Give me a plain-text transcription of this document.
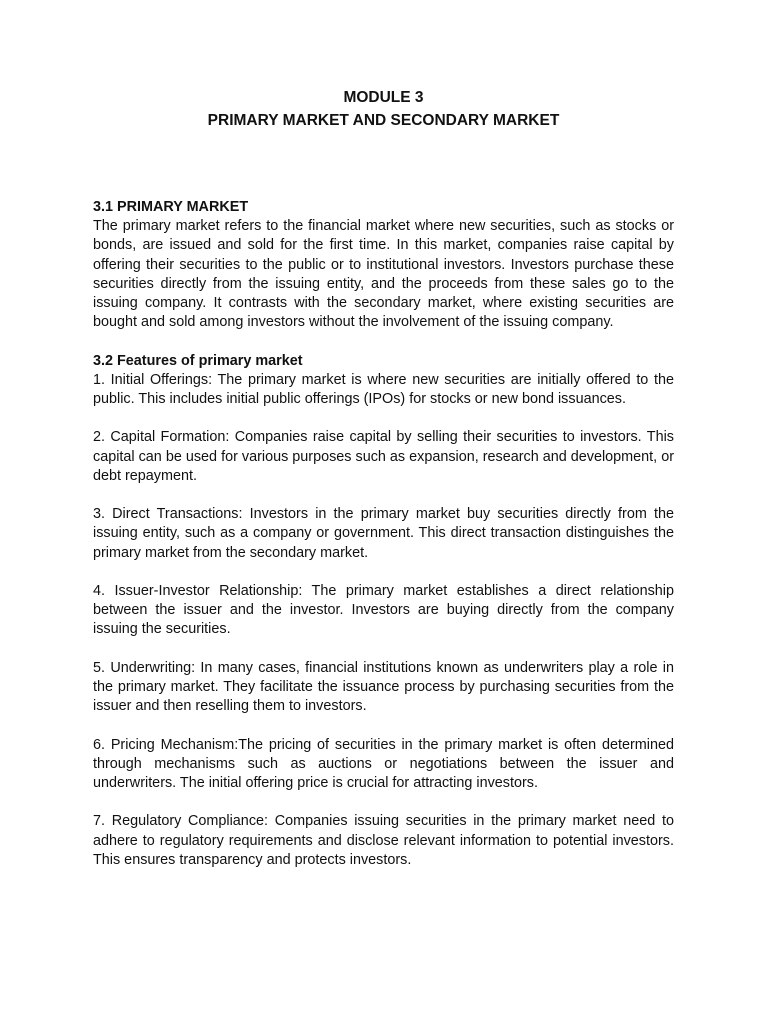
MODULE 3
PRIMARY MARKET AND SECONDARY MARKET

3.1 PRIMARY MARKET

The primary market refers to the financial market where new securities, such as stocks or bonds, are issued and sold for the first time. In this market, companies raise capital by offering their securities to the public or to institutional investors. Investors purchase these securities directly from the issuing entity, and the proceeds from these sales go to the issuing company. It contrasts with the secondary market, where existing securities are bought and sold among investors without the involvement of the issuing company.

3.2 Features of primary market

1. Initial Offerings: The primary market is where new securities are initially offered to the public. This includes initial public offerings (IPOs) for stocks or new bond issuances.

2. Capital Formation: Companies raise capital by selling their securities to investors. This capital can be used for various purposes such as expansion, research and development, or debt repayment.

3. Direct Transactions: Investors in the primary market buy securities directly from the issuing entity, such as a company or government. This direct transaction distinguishes the primary market from the secondary market.

4. Issuer-Investor Relationship: The primary market establishes a direct relationship between the issuer and the investor. Investors are buying directly from the company issuing the securities.

5. Underwriting: In many cases, financial institutions known as underwriters play a role in the primary market. They facilitate the issuance process by purchasing securities from the issuer and then reselling them to investors.

6. Pricing Mechanism:The pricing of securities in the primary market is often determined through mechanisms such as auctions or negotiations between the issuer and underwriters. The initial offering price is crucial for attracting investors.

7. Regulatory Compliance: Companies issuing securities in the primary market need to adhere to regulatory requirements and disclose relevant information to potential investors. This ensures transparency and protects investors.
